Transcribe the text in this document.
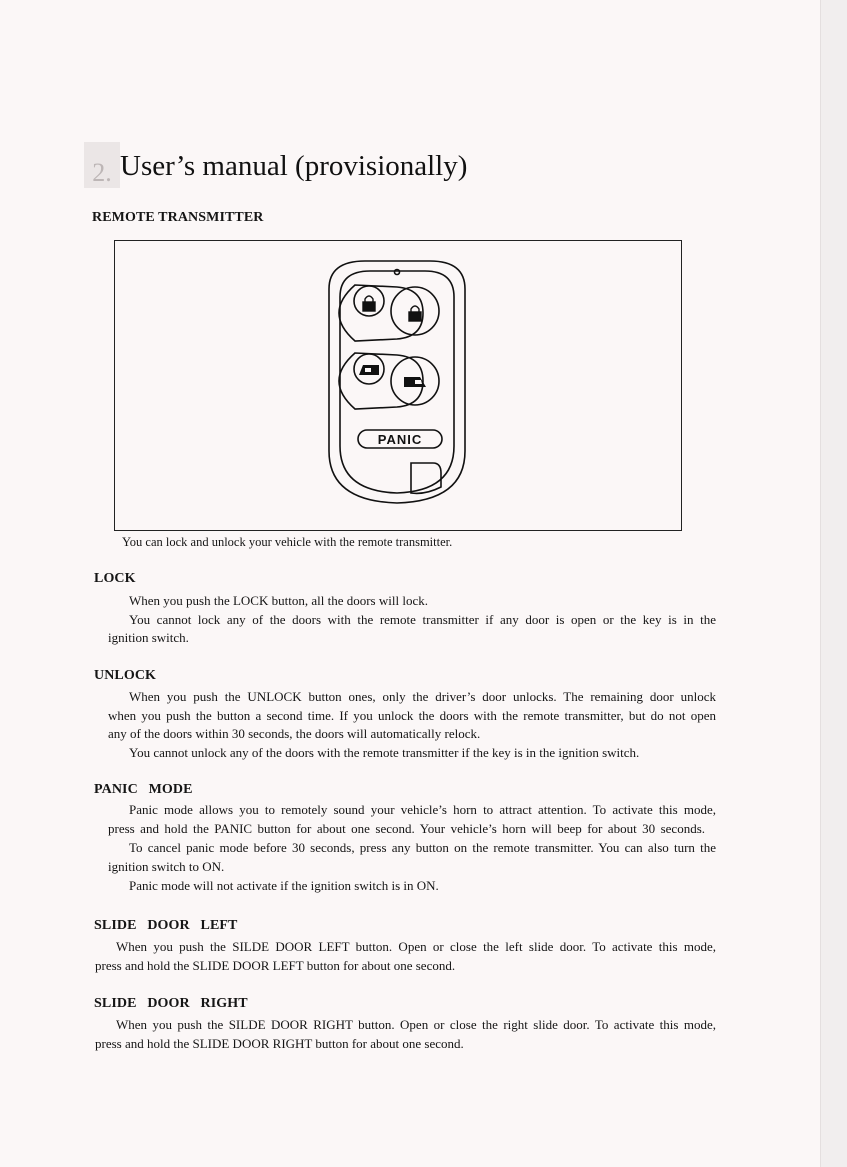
2. User’s manual (provisionally)
REMOTE TRANSMITTER
PANIC
You can lock and unlock your vehicle with the remote transmitter.
LOCK
When you push the LOCK button, all the doors will lock.
You cannot lock any of the doors with the remote transmitter if any door is open or the key is in the
ignition switch.
UNLOCK
When you push the UNLOCK button ones, only the driver’s door unlocks. The remaining door unlock
when you push the button a second time. If you unlock the doors with the remote transmitter, but do not open
any of the doors within 30 seconds, the doors will automatically relock.
You cannot unlock any of the doors with the remote transmitter if the key is in the ignition switch.
PANIC   MODE
Panic mode allows you to remotely sound your vehicle’s horn to attract attention. To activate this mode,
press and hold the PANIC button for about one second. Your vehicle’s horn will beep for about 30 seconds.
To cancel panic mode before 30 seconds, press any button on the remote transmitter. You can also turn the
ignition switch to ON.
Panic mode will not activate if the ignition switch is in ON.
SLIDE   DOOR   LEFT
When you push the SILDE DOOR LEFT button. Open or close the left slide door. To activate this mode,
press and hold the SLIDE DOOR LEFT button for about one second.
SLIDE   DOOR   RIGHT
When you push the SILDE DOOR RIGHT button. Open or close the right slide door. To activate this mode,
press and hold the SLIDE DOOR RIGHT button for about one second.
